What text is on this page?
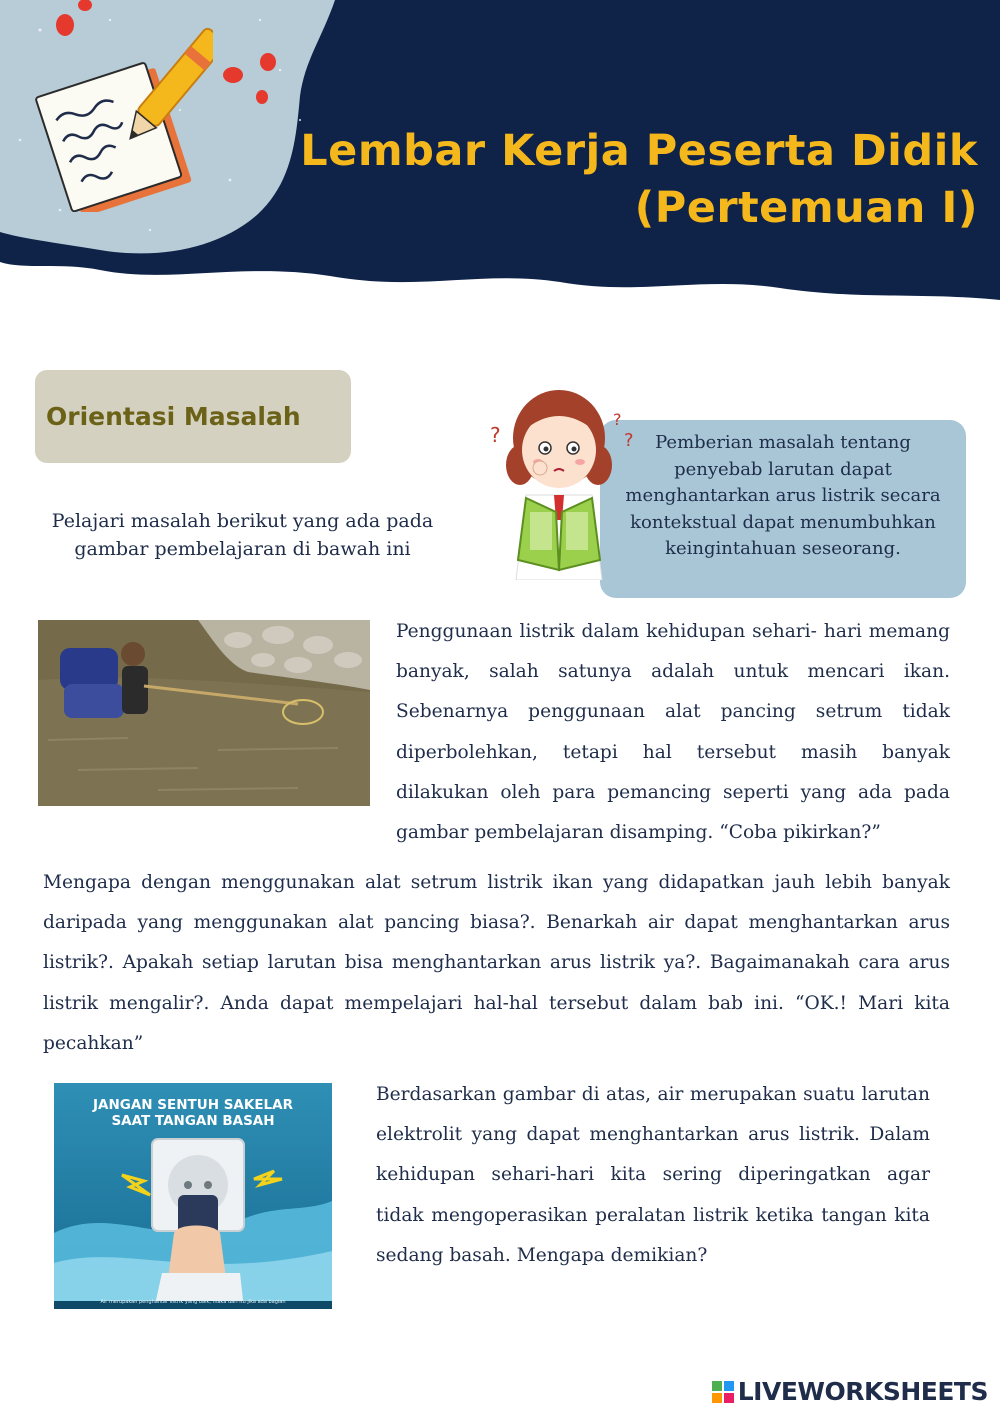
Lembar Kerja Peserta Didik
(Pertemuan I)
Orientasi Masalah
Pelajari masalah berikut yang ada pada gambar pembelajaran di bawah ini
Pemberian masalah tentang penyebab larutan dapat menghantarkan arus listrik secara kontekstual dapat menumbuhkan keingintahuan seseorang.
?
?
?
Penggunaan listrik dalam kehidupan sehari- hari memang banyak, salah satunya adalah untuk mencari ikan. Sebenarnya penggunaan alat pancing setrum tidak diperbolehkan, tetapi hal tersebut masih banyak dilakukan oleh para pemancing seperti yang ada pada gambar pembelajaran disamping. “Coba pikirkan?”
Mengapa dengan menggunakan alat setrum listrik ikan yang didapatkan jauh lebih banyak daripada yang menggunakan alat pancing biasa?. Benarkah air dapat menghantarkan arus listrik?. Apakah setiap larutan bisa menghantarkan arus listrik ya?. Bagaimanakah cara arus listrik mengalir?. Anda dapat mempelajari hal-hal tersebut dalam bab ini. “OK.! Mari kita pecahkan”
JANGAN SENTUH SAKELAR
SAAT TANGAN BASAH
Air merupakan penghantar listrik yang baik, maka dari itu jika ada bagian
Berdasarkan gambar di atas, air merupakan suatu larutan elektrolit yang dapat menghantarkan arus listrik. Dalam kehidupan sehari-hari kita sering diperingatkan agar tidak mengoperasikan peralatan listrik ketika tangan kita sedang basah. Mengapa demikian?
LIVEWORKSHEETS
